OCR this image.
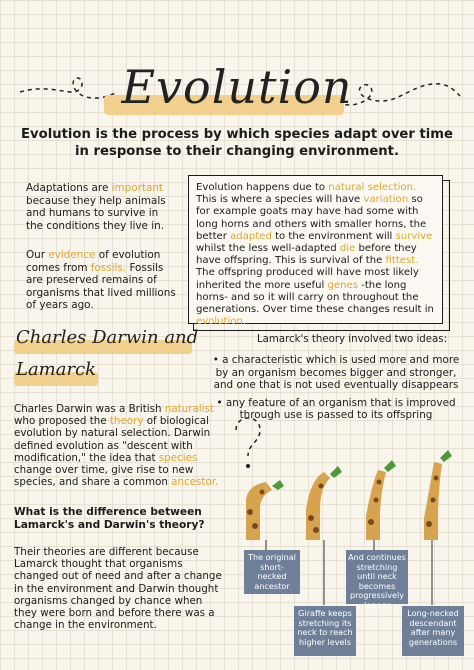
Evolution
Evolution is the process by which species adapt over time in response to their changing environment.
Adaptations are important because they help animals and humans to survive in the conditions they live in.
Our evidence of evolution comes from fossils. Fossils are preserved remains of organisms that lived millions of years ago.
Evolution happens due to natural selection. This is where a species will have variation so for example goats may have had some with long horns and others with smaller horns, the better adapted to the environment will survive whilst the less well-adapted die before they have offspring. This is survival of the fittest. The offspring produced will have most likely inherited the more useful genes -the long horns- and so it will carry on throughout the generations. Over time these changes result in evolution.
Charles Darwin and
Lamarck
Lamarck's theory involved two ideas:
• a characteristic which is used more and more by an organism becomes bigger and stronger, and one that is not used eventually disappears
• any feature of an organism that is improved through use is passed to its offspring
Charles Darwin was a British naturalist who proposed the theory of biological evolution by natural selection. Darwin defined evolution as "descent with modification," the idea that species change over time, give rise to new species, and share a common ancestor.
What is the difference between Lamarck's and Darwin's theory?
Their theories are different because Lamarck thought that organisms changed out of need and after a change in the environment and Darwin thought organisms changed by chance when they were born and before there was a change in the environment.
The original short-necked ancestor
Giraffe keeps stretching its neck to reach higher levels
And continues stretching until neck becomes progressively longer
Long-necked descendant after many generations
